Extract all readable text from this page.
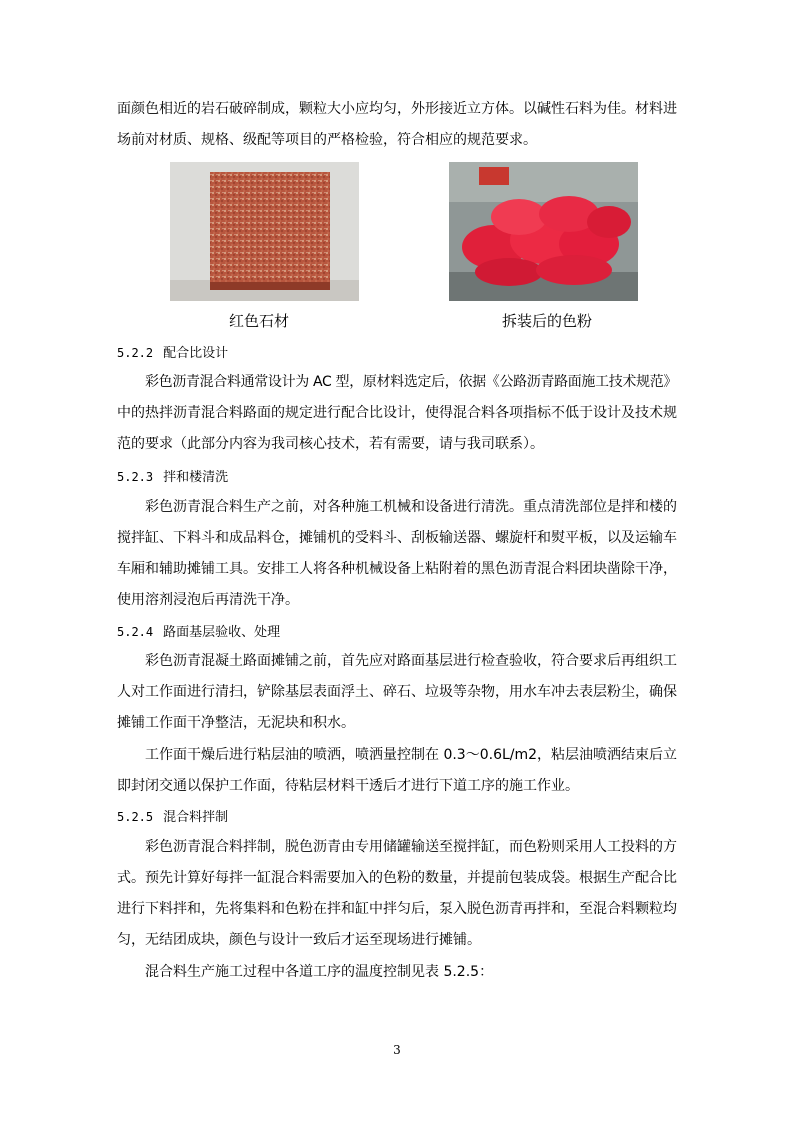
面颜色相近的岩石破碎制成，颗粒大小应均匀，外形接近立方体。以碱性石料为佳。材料进
场前对材质、规格、级配等项目的严格检验，符合相应的规范要求。
红色石材	拆装后的色粉
5.2.2 配合比设计
彩色沥青混合料通常设计为 AC 型，原材料选定后，依据《公路沥青路面施工技术规范》
中的热拌沥青混合料路面的规定进行配合比设计，使得混合料各项指标不低于设计及技术规
范的要求（此部分内容为我司核心技术，若有需要，请与我司联系）。
5.2.3 拌和楼清洗
彩色沥青混合料生产之前，对各种施工机械和设备进行清洗。重点清洗部位是拌和楼的
搅拌缸、下料斗和成品料仓，摊铺机的受料斗、刮板输送器、螺旋杆和熨平板，以及运输车
车厢和辅助摊铺工具。安排工人将各种机械设备上粘附着的黑色沥青混合料团块凿除干净，
使用溶剂浸泡后再清洗干净。
5.2.4 路面基层验收、处理
彩色沥青混凝土路面摊铺之前，首先应对路面基层进行检查验收，符合要求后再组织工
人对工作面进行清扫，铲除基层表面浮土、碎石、垃圾等杂物，用水车冲去表层粉尘，确保
摊铺工作面干净整洁，无泥块和积水。
工作面干燥后进行粘层油的喷洒，喷洒量控制在 0.3～0.6L/m2，粘层油喷洒结束后立
即封闭交通以保护工作面，待粘层材料干透后才进行下道工序的施工作业。
5.2.5 混合料拌制
彩色沥青混合料拌制，脱色沥青由专用储罐输送至搅拌缸，而色粉则采用人工投料的方
式。预先计算好每拌一缸混合料需要加入的色粉的数量，并提前包装成袋。根据生产配合比
进行下料拌和，先将集料和色粉在拌和缸中拌匀后，泵入脱色沥青再拌和，至混合料颗粒均
匀，无结团成块，颜色与设计一致后才运至现场进行摊铺。
混合料生产施工过程中各道工序的温度控制见表 5.2.5：
3
